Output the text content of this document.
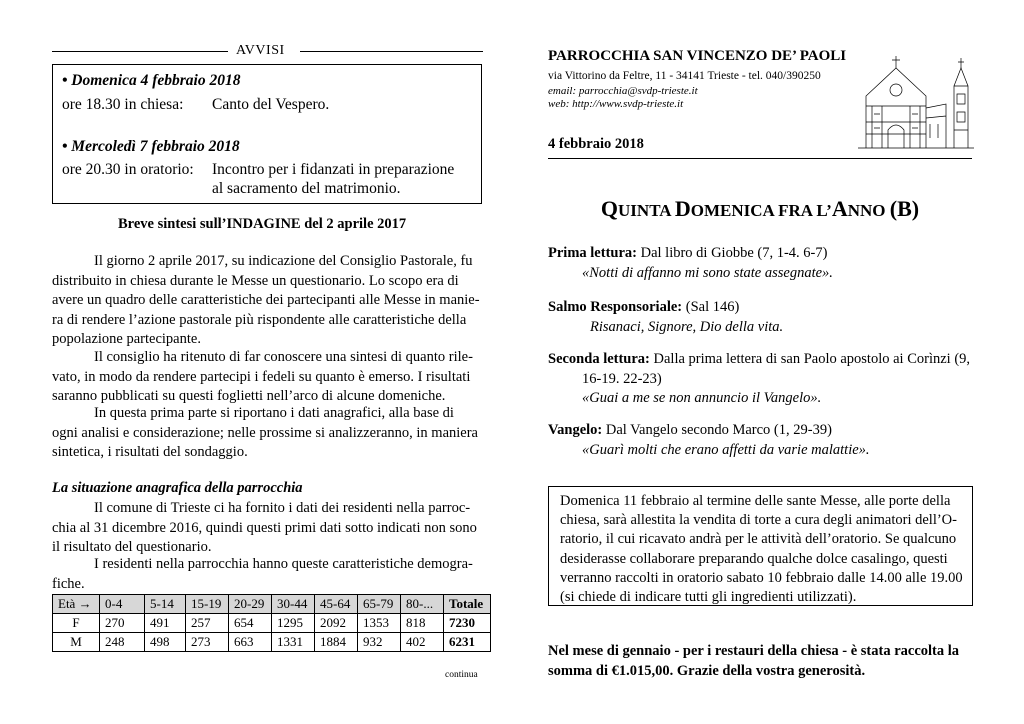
AVVISI
• Domenica 4 febbraio 2018
ore 18.30 in chiesa: Canto del Vespero.
• Mercoledì 7 febbraio 2018
ore 20.30 in oratorio: Incontro per i fidanzati in preparazione
al sacramento del matrimonio.
Breve sintesi sull’INDAGINE del 2 aprile 2017
Il giorno 2 aprile 2017, su indicazione del Consiglio Pastorale, fu
distribuito in chiesa durante le Messe un questionario. Lo scopo era di
avere un quadro delle caratteristiche dei partecipanti alle Messe in manie-
ra di rendere l’azione pastorale più rispondente alle caratteristiche della
popolazione partecipante.
Il consiglio ha ritenuto di far conoscere una sintesi di quanto rile-
vato, in modo da rendere partecipi i fedeli su quanto è emerso. I risultati
saranno pubblicati su questi foglietti nell’arco di alcune domeniche.
In questa prima parte si riportano i dati anagrafici, alla base di
ogni analisi e considerazione; nelle prossime si analizzeranno, in maniera
sintetica, i risultati del sondaggio.
La situazione anagrafica della parrocchia
Il comune di Trieste ci ha fornito i dati dei residenti nella parroc-
chia al 31 dicembre 2016, quindi questi primi dati sotto indicati non sono
il risultato del questionario.
I residenti nella parrocchia hanno queste caratteristiche demogra-
fiche.
Età →	0-4	5-14	15-19	20-29	30-44	45-64	65-79	80-...	Totale
F	270	491	257	654	1295	2092	1353	818	7230
M	248	498	273	663	1331	1884	932	402	6231
continua
PARROCCHIA SAN VINCENZO DE’ PAOLI
via Vittorino da Feltre, 11 - 34141 Trieste - tel. 040/390250
email: parrocchia@svdp-trieste.it
web: http://www.svdp-trieste.it
4 febbraio 2018
QUINTA DOMENICA FRA L’ANNO (B)
Prima lettura: Dal libro di Giobbe (7, 1-4. 6-7)
«Notti di affanno mi sono state assegnate».
Salmo Responsoriale: (Sal 146)
Risanaci, Signore, Dio della vita.
Seconda lettura: Dalla prima lettera di san Paolo apostolo ai Corìnzi (9,
16-19. 22-23)
«Guai a me se non annuncio il Vangelo».
Vangelo: Dal Vangelo secondo Marco (1, 29-39)
«Guarì molti che erano affetti da varie malattie».
Domenica 11 febbraio al termine delle sante Messe, alle porte della
chiesa, sarà allestita la vendita di torte a cura degli animatori dell’O-
ratorio, il cui ricavato andrà per le attività dell’oratorio. Se qualcuno
desiderasse collaborare preparando qualche dolce casalingo, questi
verranno raccolti in oratorio sabato 10 febbraio dalle 14.00 alle 19.00
(si chiede di indicare tutti gli ingredienti utilizzati).
Nel mese di gennaio - per i restauri della chiesa - è stata raccolta la
somma di €1.015,00. Grazie della vostra generosità.
